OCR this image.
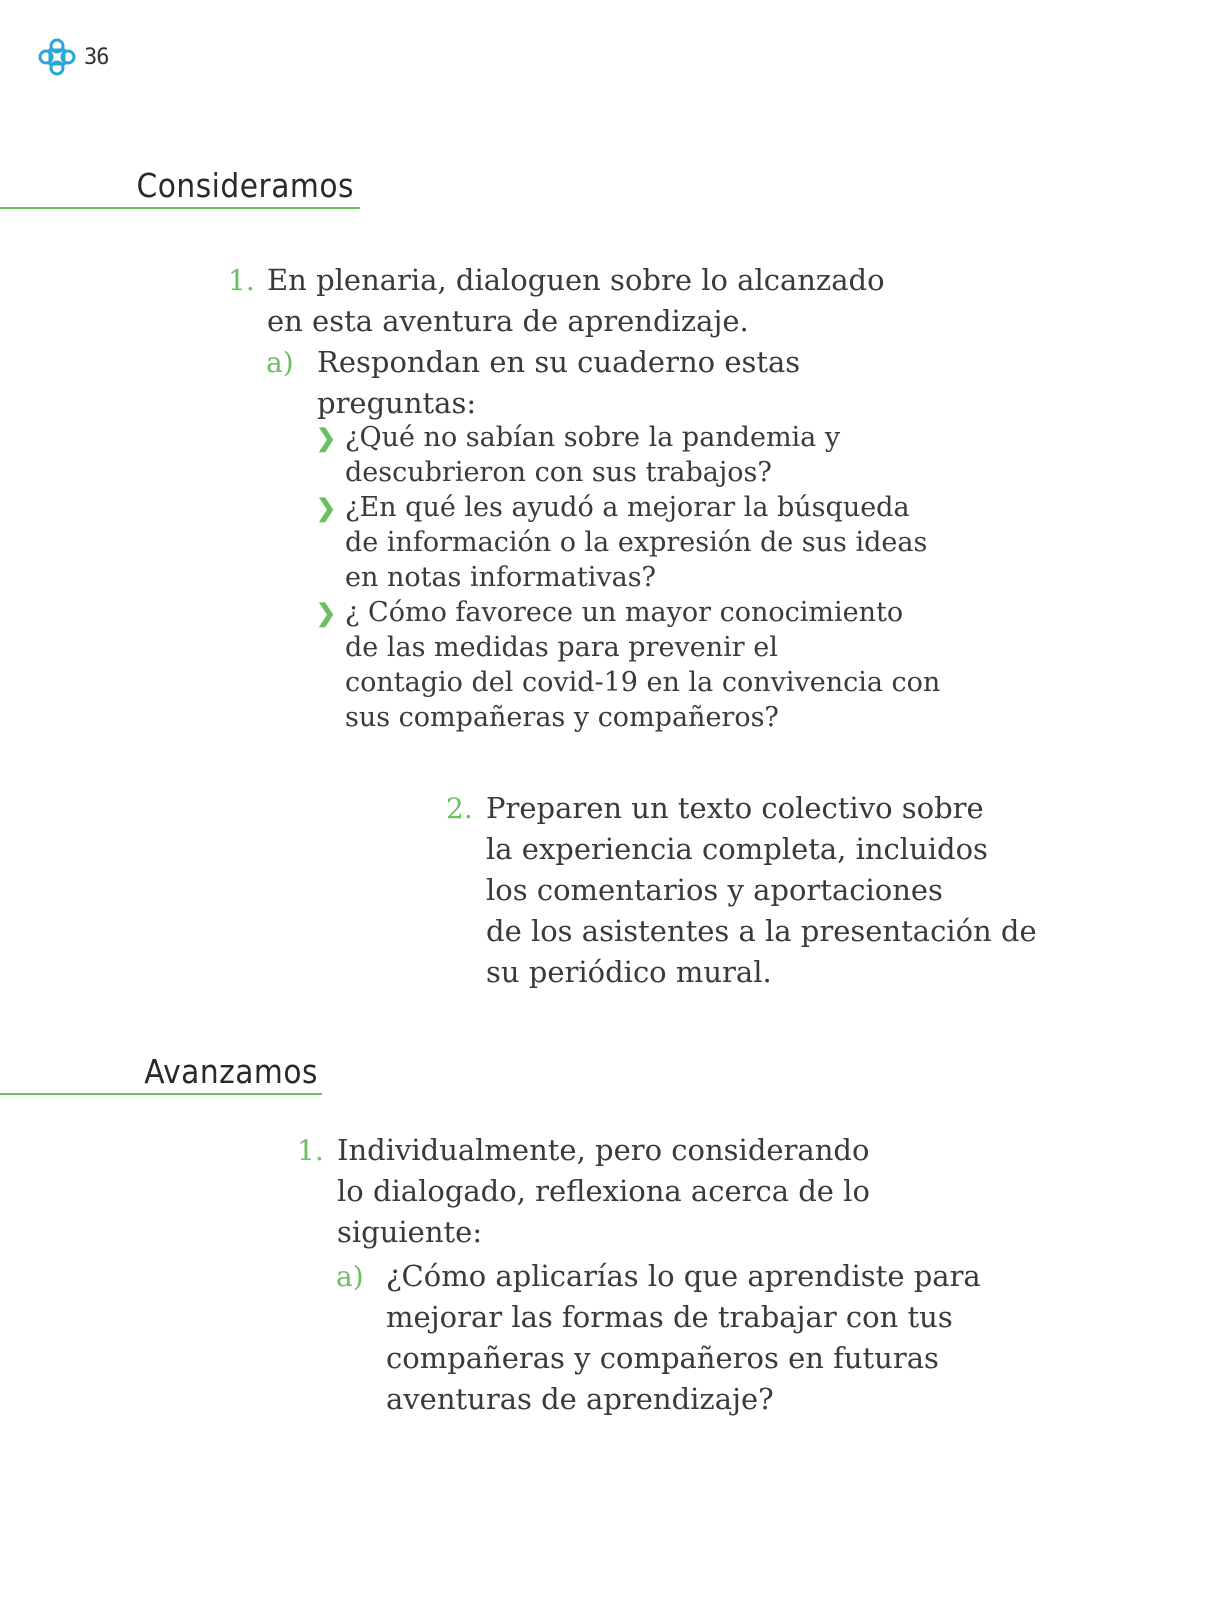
36
Consideramos
1. En plenaria, dialoguen sobre lo alcanzado
en esta aventura de aprendizaje.
a) Respondan en su cuaderno estas
preguntas:
❯ ¿Qué no sabían sobre la pandemia y
descubrieron con sus trabajos?
❯ ¿En qué les ayudó a mejorar la búsqueda
de información o la expresión de sus ideas
en notas informativas?
❯ ¿ Cómo favorece un mayor conocimiento
de las medidas para prevenir el
contagio del covid-19 en la convivencia con
sus compañeras y compañeros?
2. Preparen un texto colectivo sobre
la experiencia completa, incluidos
los comentarios y aportaciones
de los asistentes a la presentación de
su periódico mural.
Avanzamos
1. Individualmente, pero considerando
lo dialogado, reflexiona acerca de lo
siguiente:
a) ¿Cómo aplicarías lo que aprendiste para
mejorar las formas de trabajar con tus
compañeras y compañeros en futuras
aventuras de aprendizaje?
